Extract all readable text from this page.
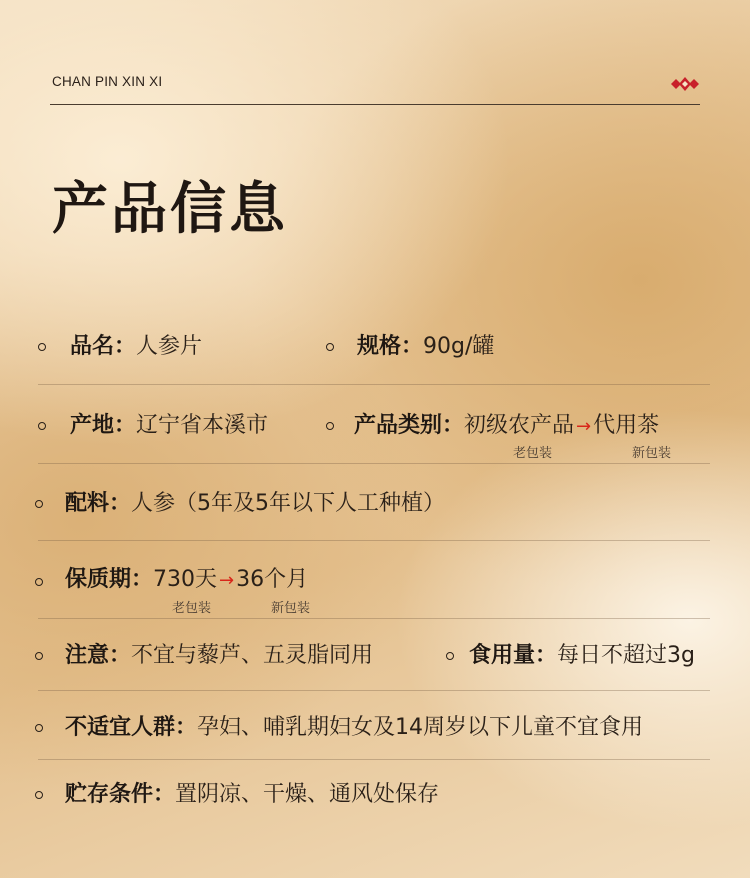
CHAN PIN XIN XI
产品信息
品名：人参片	规格：90g/罐
产地：辽宁省本溪市	产品类别：初级农产品 →代用茶
老包装	新包装
配料：人参（5年及5年以下人工种植）
保质期：730天 →36个月
老包装	新包装
注意：不宜与藜芦、五灵脂同用	食用量：每日不超过3g
不适宜人群：孕妇、哺乳期妇女及14周岁以下儿童不宜食用
贮存条件：置阴凉、干燥、通风处保存
